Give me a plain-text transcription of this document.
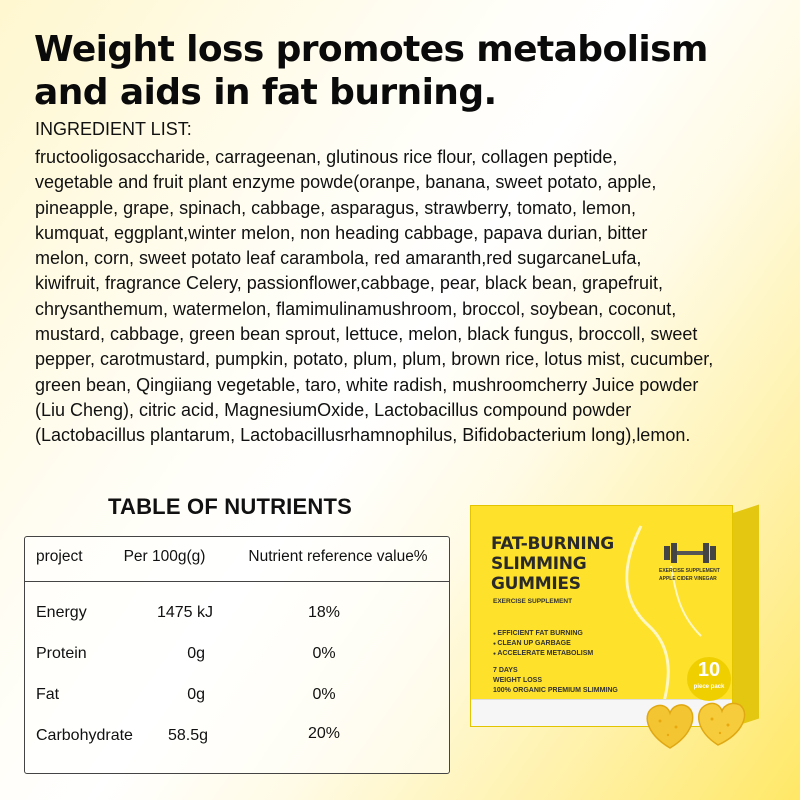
Weight loss promotes metabolism and aids in fat burning.
INGREDIENT LIST:
fructooligosaccharide, carrageenan, glutinous rice flour, collagen peptide,
vegetable and fruit plant enzyme powde(oranpe, banana, sweet potato, apple,
pineapple, grape, spinach, cabbage, asparagus, strawberry, tomato, lemon,
kumquat, eggplant,winter melon, non heading cabbage, papava durian, bitter
melon, corn, sweet potato leaf carambola, red amaranth,red sugarcaneLufa,
kiwifruit, fragrance Celery, passionflower,cabbage, pear, black bean, grapefruit,
chrysanthemum, watermelon, flamimulinamushroom, broccol, soybean, coconut,
mustard, cabbage, green bean sprout, lettuce, melon, black fungus, broccoll, sweet
pepper, carotmustard, pumpkin, potato, plum, plum, brown rice, lotus mist, cucumber,
green bean, Qingiiang vegetable, taro, white radish, mushroomcherry Juice powder
(Liu Cheng), citric acid, MagnesiumOxide, Lactobacillus compound powder
(Lactobacillus plantarum, Lactobacillusrhamnophilus, Bifidobacterium long),lemon.
TABLE OF NUTRIENTS
project	Per 100g(g)	Nutrient reference value%
Energy	1475 kJ	18%
Protein	0g	0%
Fat	0g	0%
Carbohydrate	58.5g	20%
FAT-BURNING
SLIMMING
GUMMIES
EXERCISE SUPPLEMENT
EXERCISE SUPPLEMENT
APPLE CIDER VINEGAR
● EFFICIENT FAT BURNING
● CLEAN UP GARBAGE
● ACCELERATE METABOLISM
7 DAYS
WEIGHT LOSS
100% ORGANIC PREMIUM SLIMMING
10
piece pack
